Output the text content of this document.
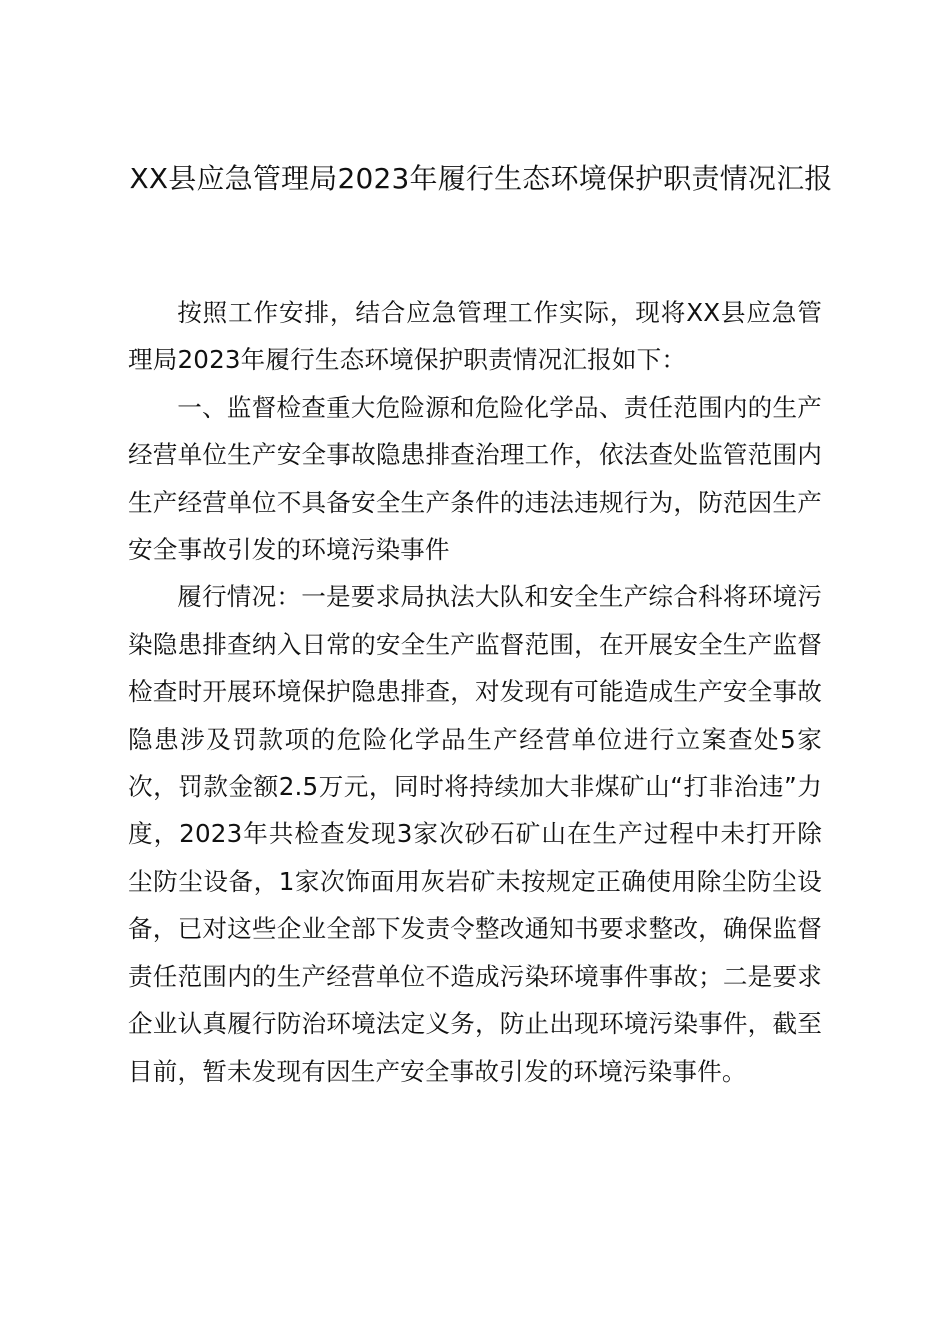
XX县应急管理局2023年履行生态环境保护职责情况汇报

按照工作安排，结合应急管理工作实际，现将XX县应急管理局2023年履行生态环境保护职责情况汇报如下：

一、监督检查重大危险源和危险化学品、责任范围内的生产经营单位生产安全事故隐患排查治理工作，依法查处监管范围内生产经营单位不具备安全生产条件的违法违规行为，防范因生产安全事故引发的环境污染事件

履行情况：一是要求局执法大队和安全生产综合科将环境污染隐患排查纳入日常的安全生产监督范围，在开展安全生产监督检查时开展环境保护隐患排查，对发现有可能造成生产安全事故隐患涉及罚款项的危险化学品生产经营单位进行立案查处5家次，罚款金额2.5万元，同时将持续加大非煤矿山“打非治违”力度，2023年共检查发现3家次砂石矿山在生产过程中未打开除尘防尘设备，1家次饰面用灰岩矿未按规定正确使用除尘防尘设备，已对这些企业全部下发责令整改通知书要求整改，确保监督责任范围内的生产经营单位不造成污染环境事件事故；二是要求企业认真履行防治环境法定义务，防止出现环境污染事件，截至目前，暂未发现有因生产安全事故引发的环境污染事件。
